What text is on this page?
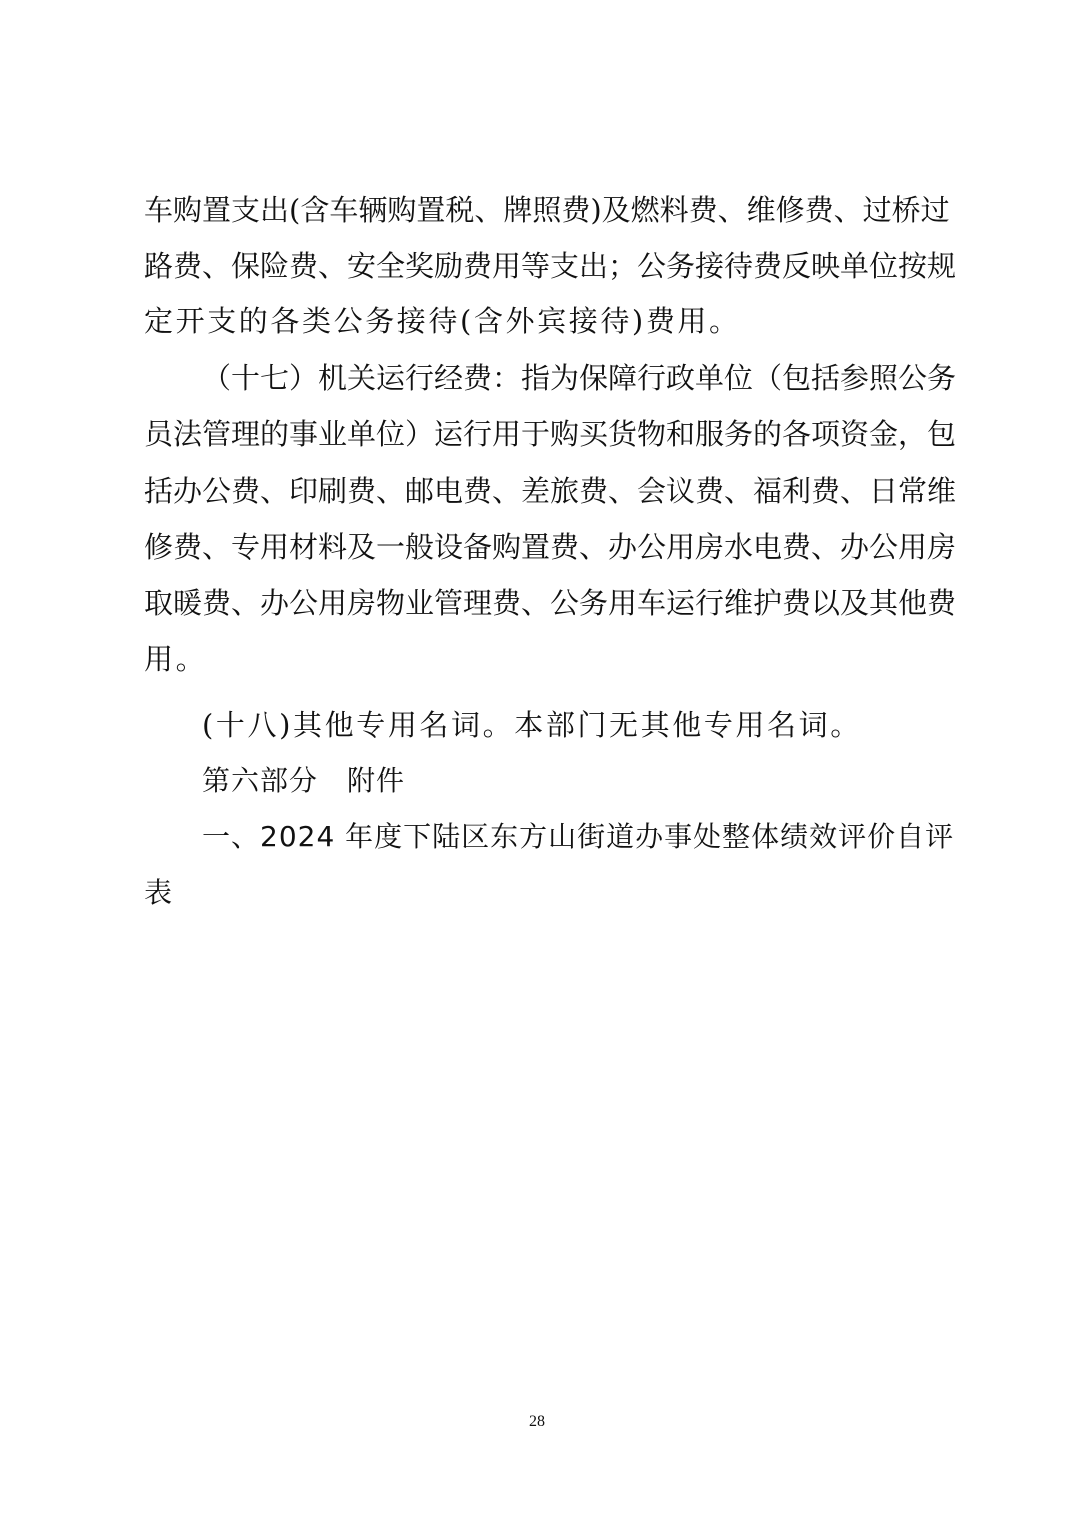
车购置支出(含车辆购置税、牌照费)及燃料费、维修费、过桥过
路费、保险费、安全奖励费用等支出；公务接待费反映单位按规
定开支的各类公务接待(含外宾接待)费用。
（十七）机关运行经费：指为保障行政单位（包括参照公务
员法管理的事业单位）运行用于购买货物和服务的各项资金，包
括办公费、印刷费、邮电费、差旅费、会议费、福利费、日常维
修费、专用材料及一般设备购置费、办公用房水电费、办公用房
取暖费、办公用房物业管理费、公务用车运行维护费以及其他费
用。
(十八)其他专用名词。本部门无其他专用名词。
第六部分　附件
一、2024 年度下陆区东方山街道办事处整体绩效评价自评
表
28
